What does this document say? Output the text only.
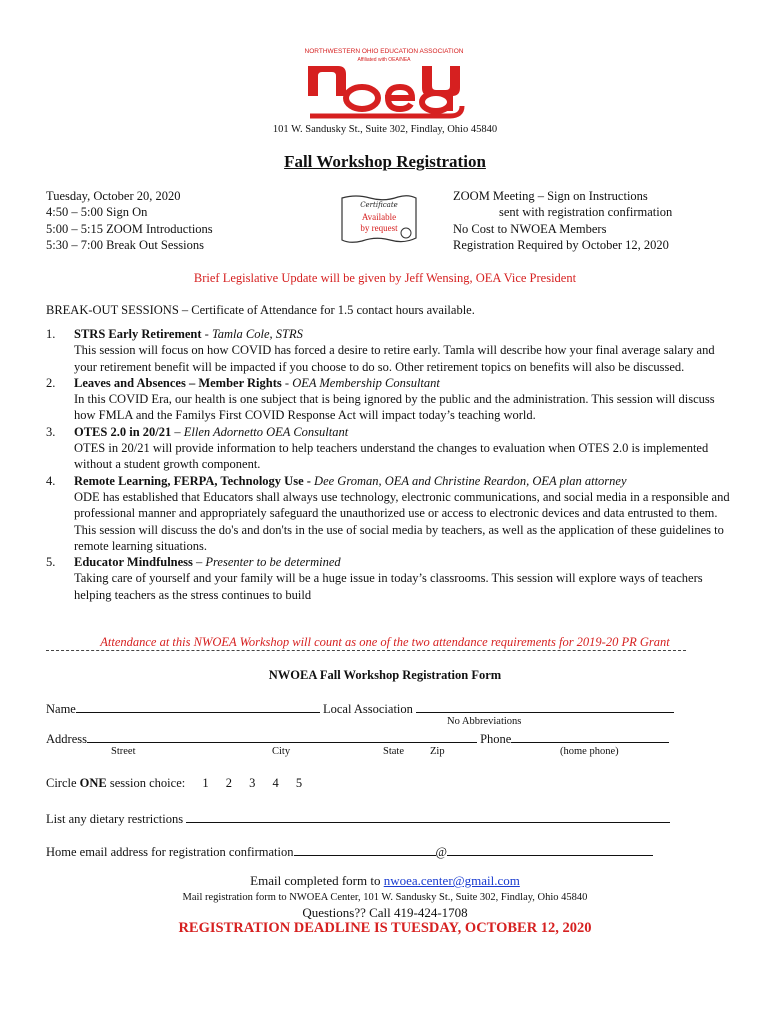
NORTHWESTERN OHIO EDUCATION ASSOCIATION
Affiliated with OEA/NEA
101 W. Sandusky St., Suite 302, Findlay, Ohio 45840
Fall Workshop Registration
Tuesday, October 20, 2020
4:50 – 5:00 Sign On
5:00 – 5:15 ZOOM Introductions
5:30 – 7:00 Break Out Sessions
Certificate
Available
by request
ZOOM Meeting – Sign on Instructions
sent with registration confirmation
No Cost to NWOEA Members
Registration Required by October 12, 2020
Brief Legislative Update will be given by Jeff Wensing, OEA Vice President
BREAK-OUT SESSIONS – Certificate of Attendance for 1.5 contact hours available.
1.	STRS Early Retirement - Tamla Cole, STRS
This session will focus on how COVID has forced a desire to retire early. Tamla will describe how your final average salary and your retirement benefit will be impacted if you choose to do so. Other retirement topics on benefits will also be discussed.
2.	Leaves and Absences – Member Rights - OEA Membership Consultant
In this COVID Era, our health is one subject that is being ignored by the public and the administration. This session will discuss how FMLA and the Familys First COVID Response Act will impact today’s teaching world.
3.	OTES 2.0 in 20/21 – Ellen Adornetto OEA Consultant
OTES in 20/21 will provide information to help teachers understand the changes to evaluation when OTES 2.0 is implemented without a student growth component.
4.	Remote Learning, FERPA, Technology Use - Dee Groman, OEA and Christine Reardon, OEA plan attorney
ODE has established that Educators shall always use technology, electronic communications, and social media in a responsible and professional manner and appropriately safeguard the unauthorized use or access to electronic devices and data entrusted to them. This session will discuss the do's and don'ts in the use of social media by teachers, as well as the application of these guidelines to remote learning situations.
5.	Educator Mindfulness – Presenter to be determined
Taking care of yourself and your family will be a huge issue in today’s classrooms. This session will explore ways of teachers helping teachers as the stress continues to build
Attendance at this NWOEA Workshop will count as one of the two attendance requirements for 2019-20 PR Grant
NWOEA Fall Workshop Registration Form
Name	Local Association
No Abbreviations
Address	Phone
Street	City	State Zip	(home phone)
Circle ONE session choice: 1 2 3 4 5
List any dietary restrictions
Home email address for registration confirmation	@
Email completed form to nwoea.center@gmail.com
Mail registration form to NWOEA Center, 101 W. Sandusky St., Suite 302, Findlay, Ohio 45840
Questions?? Call 419-424-1708
REGISTRATION DEADLINE IS TUESDAY, OCTOBER 12, 2020
